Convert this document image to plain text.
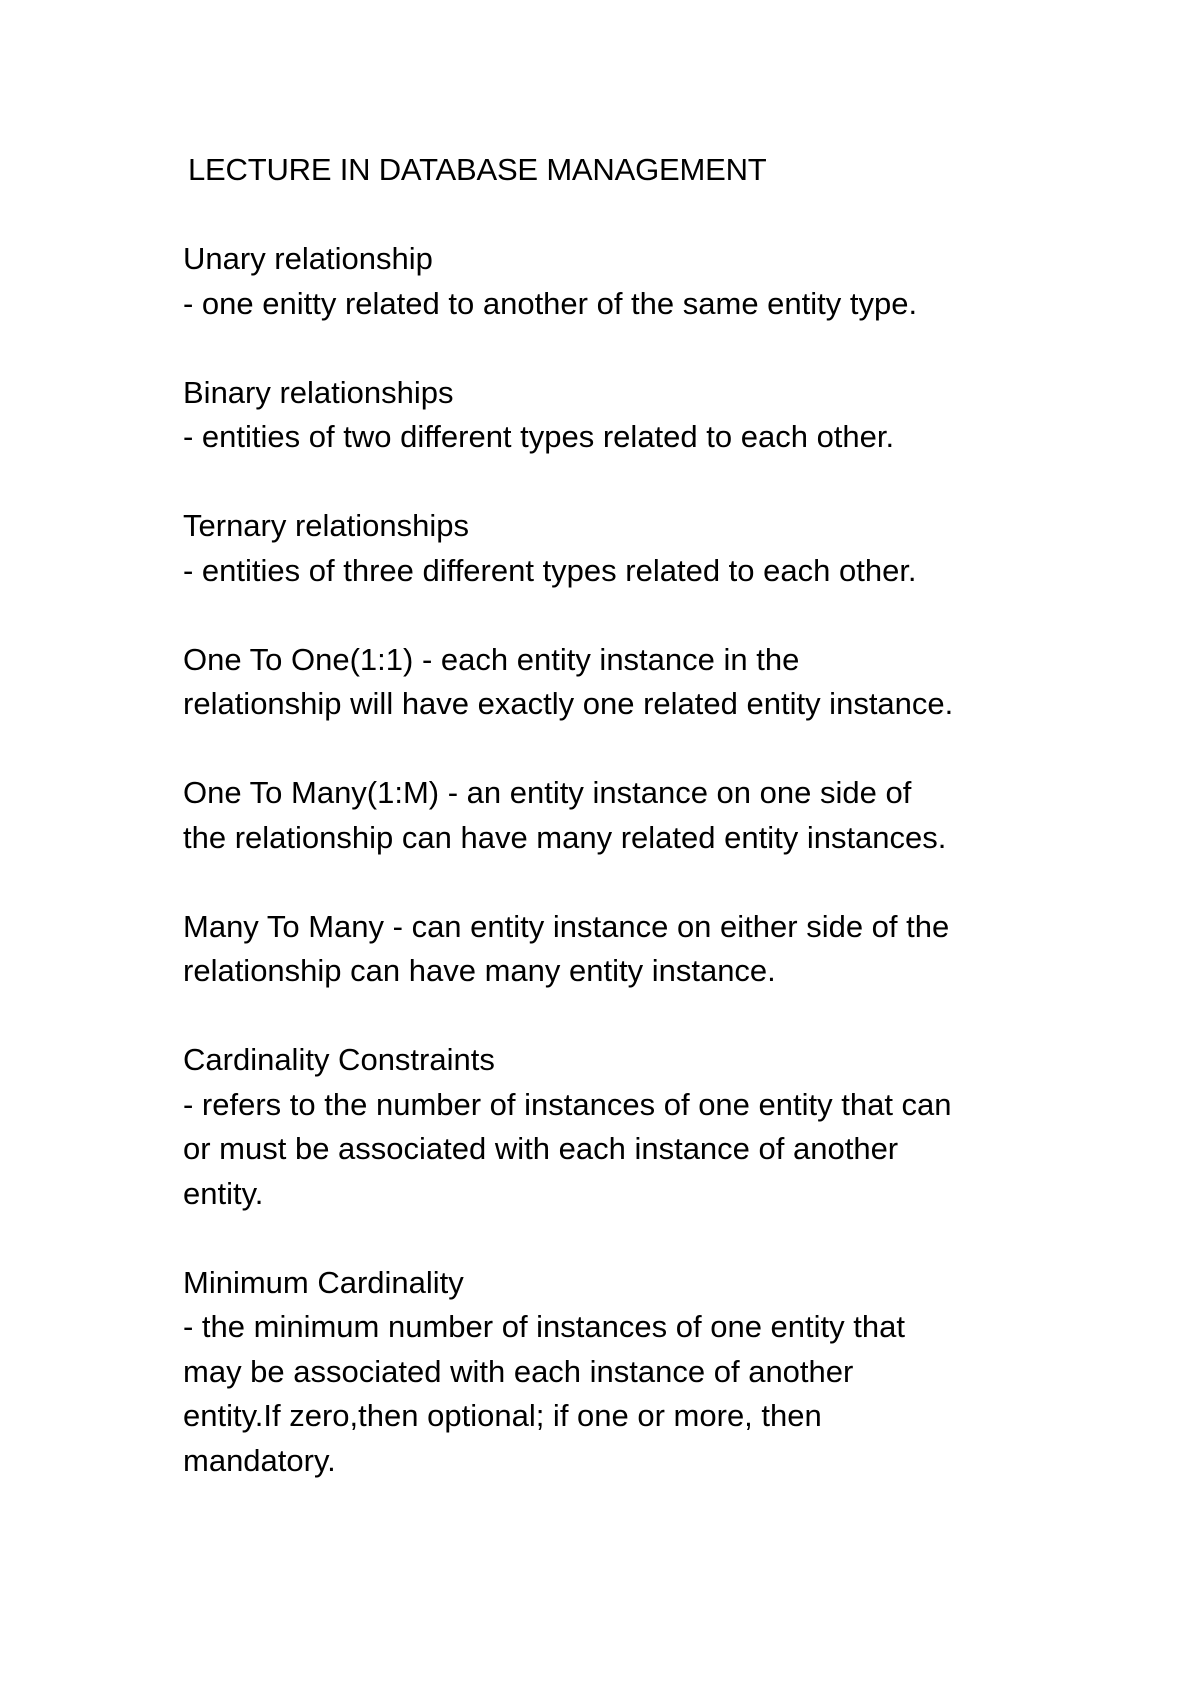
LECTURE IN DATABASE MANAGEMENT
Unary relationship
- one enitty related to another of the same entity type.
Binary relationships
- entities of two different types related to each other.
Ternary relationships
- entities of three different types related to each other.
One To One(1:1) - each entity instance in the
relationship will have exactly one related entity instance.
One To Many(1:M) - an entity instance on one side of
the relationship can have many related entity instances.
Many To Many - can entity instance on either side of the
relationship can have many entity instance.
Cardinality Constraints
- refers to the number of instances of one entity that can
or must be associated with each instance of another
entity.
Minimum Cardinality
- the minimum number of instances of one entity that
may be associated with each instance of another
entity.If zero,then optional; if one or more, then
mandatory.
